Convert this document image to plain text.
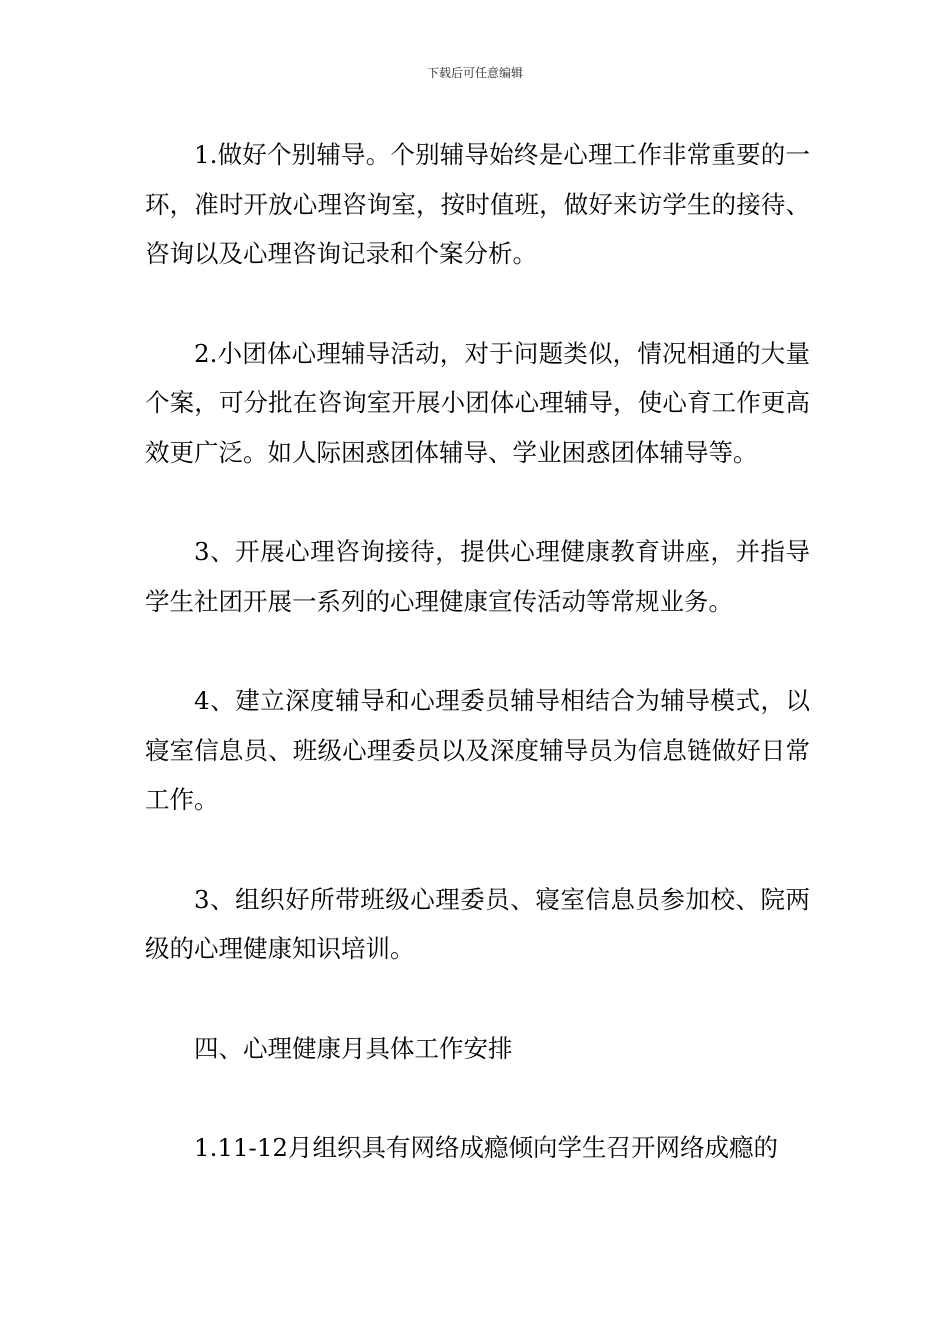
下载后可任意编辑

1.做好个别辅导。个别辅导始终是心理工作非常重要的一环，准时开放心理咨询室，按时值班，做好来访学生的接待、咨询以及心理咨询记录和个案分析。

2.小团体心理辅导活动，对于问题类似，情况相通的大量个案，可分批在咨询室开展小团体心理辅导，使心育工作更高效更广泛。如人际困惑团体辅导、学业困惑团体辅导等。

3、开展心理咨询接待，提供心理健康教育讲座，并指导学生社团开展一系列的心理健康宣传活动等常规业务。

4、建立深度辅导和心理委员辅导相结合为辅导模式，以寝室信息员、班级心理委员以及深度辅导员为信息链做好日常工作。

3、组织好所带班级心理委员、寝室信息员参加校、院两级的心理健康知识培训。

四、心理健康月具体工作安排

1.11-12月组织具有网络成瘾倾向学生召开网络成瘾的
